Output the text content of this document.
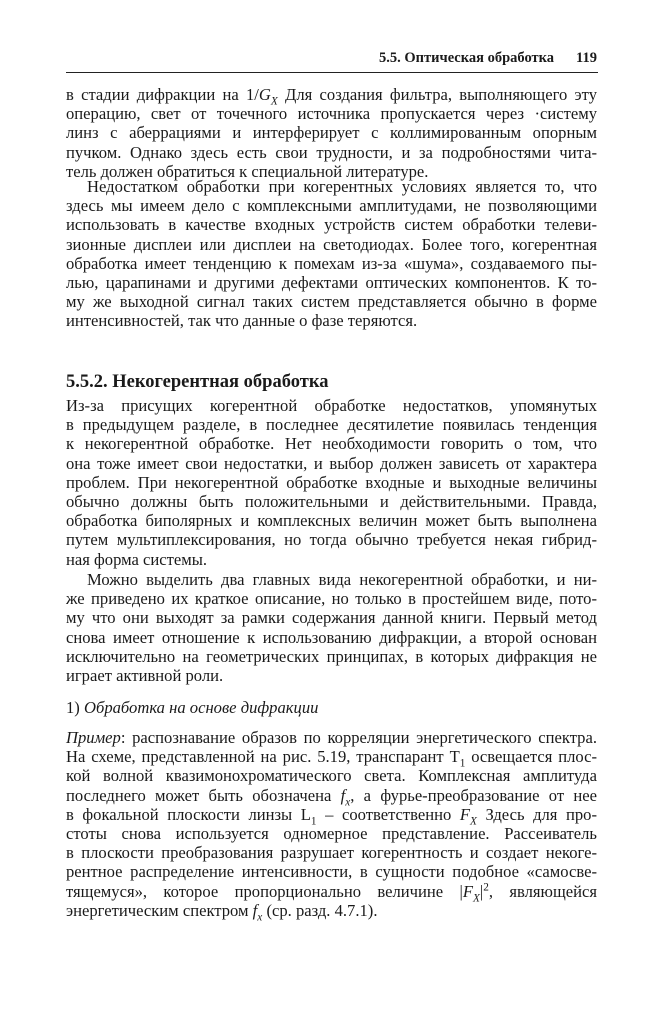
5.5. Оптическая обработка 119
в стадии дифракции на $1/G_X$ Для создания фильтра, выполняющего эту
операцию, свет от точечного источника пропускается через ·систему
линз с аберрациями и интерферирует с коллимированным опорным
пучком. Однако здесь есть свои трудности, и за подробностями чита-
тель должен обратиться к специальной литературе.
Недостатком обработки при когерентных условиях является то, что
здесь мы имеем дело с комплексными амплитудами, не позволяющими
использовать в качестве входных устройств систем обработки телеви-
зионные дисплеи или дисплеи на светодиодах. Более того, когерентная
обработка имеет тенденцию к помехам из-за «шума», создаваемого пы-
лью, царапинами и другими дефектами оптических компонентов. К то-
му же выходной сигнал таких систем представляется обычно в форме
интенсивностей, так что данные о фазе теряются.
5.5.2. Некогерентная обработка
Из-за присущих когерентной обработке недостатков, упомянутых
в предыдущем разделе, в последнее десятилетие появилась тенденция
к некогерентной обработке. Нет необходимости говорить о том, что
она тоже имеет свои недостатки, и выбор должен зависеть от характера
проблем. При некогерентной обработке входные и выходные величины
обычно должны быть положительными и действительными. Правда,
обработка биполярных и комплексных величин может быть выполнена
путем мультиплексирования, но тогда обычно требуется некая гибрид-
ная форма системы.
Можно выделить два главных вида некогерентной обработки, и ни-
же приведено их краткое описание, но только в простейшем виде, пото-
му что они выходят за рамки содержания данной книги. Первый метод
снова имеет отношение к использованию дифракции, а второй основан
исключительно на геометрических принципах, в которых дифракция не
играет активной роли.
1) Обработка на основе дифракции
Пример: распознавание образов по корреляции энергетического спектра.
На схеме, представленной на рис. 5.19, транспарант $T_1$ освещается плос-
кой волной квазимонохроматического света. Комплексная амплитуда
последнего может быть обозначена $f_x$, а фурье-преобразование от нее
в фокальной плоскости линзы $L_1$ – соответственно $F_X$ Здесь для про-
стоты снова используется одномерное представление. Рассеиватель
в плоскости преобразования разрушает когерентность и создает некоге-
рентное распределение интенсивности, в сущности подобное «самосве-
тящемуся», которое пропорционально величине $|F_X|^2$, являющейся
энергетическим спектром $f_x$ (ср. разд. 4.7.1).
